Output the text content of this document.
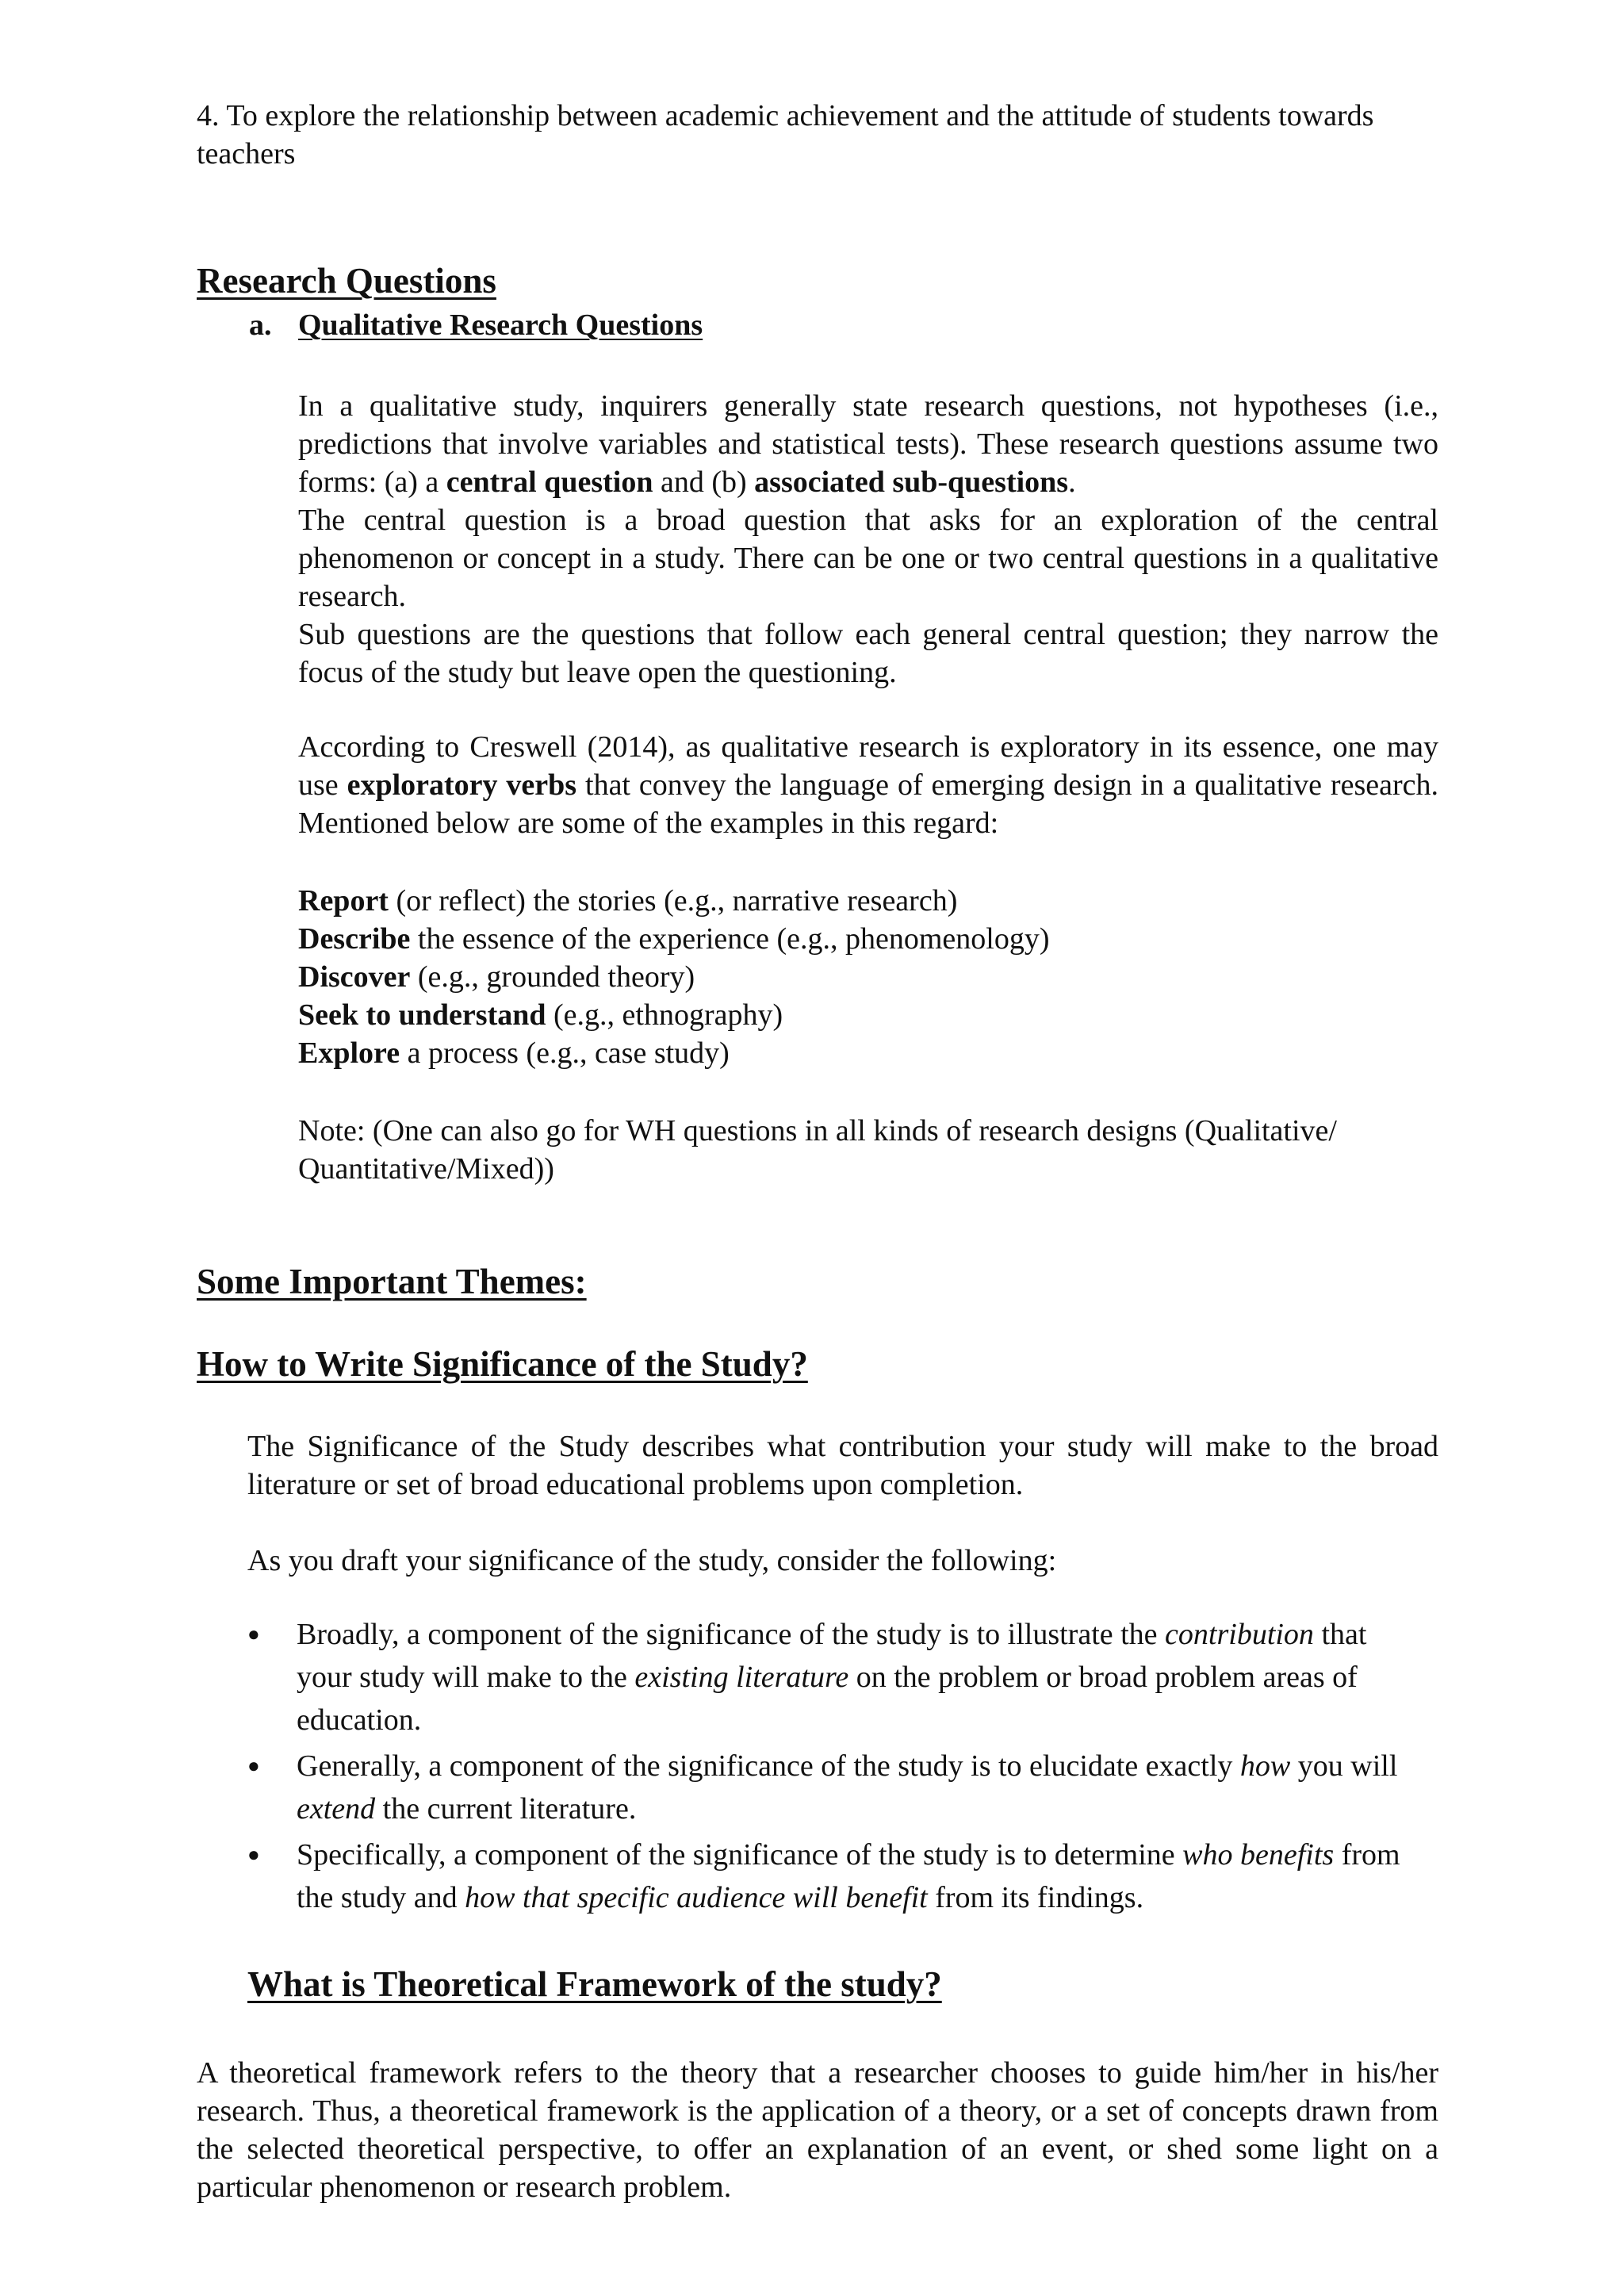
4. To explore the relationship between academic achievement and the attitude of students towards teachers

Research Questions
a. Qualitative Research Questions

In a qualitative study, inquirers generally state research questions, not hypotheses (i.e., predictions that involve variables and statistical tests). These research questions assume two forms: (a) a central question and (b) associated sub-questions.

The central question is a broad question that asks for an exploration of the central phenomenon or concept in a study. There can be one or two central questions in a qualitative research.

Sub questions are the questions that follow each general central question; they narrow the focus of the study but leave open the questioning.

According to Creswell (2014), as qualitative research is exploratory in its essence, one may use exploratory verbs that convey the language of emerging design in a qualitative research. Mentioned below are some of the examples in this regard:

Report (or reflect) the stories (e.g., narrative research)
Describe the essence of the experience (e.g., phenomenology)
Discover (e.g., grounded theory)
Seek to understand (e.g., ethnography)
Explore a process (e.g., case study)

Note: (One can also go for WH questions in all kinds of research designs (Qualitative/ Quantitative/Mixed))

Some Important Themes:
How to Write Significance of the Study?

The Significance of the Study describes what contribution your study will make to the broad literature or set of broad educational problems upon completion.

As you draft your significance of the study, consider the following:

●	Broadly, a component of the significance of the study is to illustrate the contribution that your study will make to the existing literature on the problem or broad problem areas of education.
●	Generally, a component of the significance of the study is to elucidate exactly how you will extend the current literature.
●	Specifically, a component of the significance of the study is to determine who benefits from the study and how that specific audience will benefit from its findings.
What is Theoretical Framework of the study?

A theoretical framework refers to the theory that a researcher chooses to guide him/her in his/her research. Thus, a theoretical framework is the application of a theory, or a set of concepts drawn from the selected theoretical perspective, to offer an explanation of an event, or shed some light on a particular phenomenon or research problem.
